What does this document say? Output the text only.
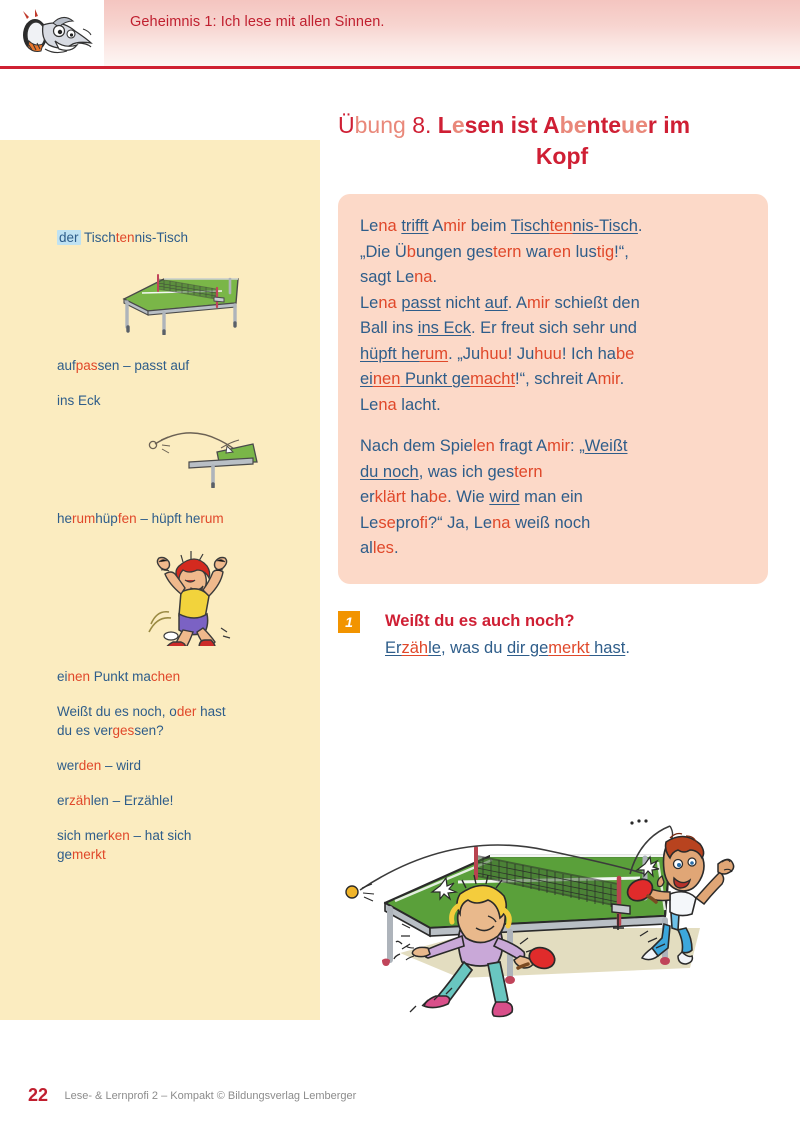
Geheimnis 1: Ich lese mit allen Sinnen.
der Tischtennis-Tisch
aufpassen – passt auf
ins Eck
herumhüpfen – hüpft herum
einen Punkt machen
Weißt du es noch, oder hast
du es vergessen?
werden – wird
erzählen – Erzähle!
sich merken – hat sich
gemerkt
Übung 8. Lesen ist Abenteuer im
Kopf

Lena trifft Amir beim Tischtennis-Tisch.
„Die Übungen gestern waren lustig!“,
sagt Lena.
Lena passt nicht auf. Amir schießt den
Ball ins ins Eck. Er freut sich sehr und
hüpft herum. „Juhuu! Juhuu! Ich habe
einen Punkt gemacht!“, schreit Amir.
Lena lacht.

Nach dem Spielen fragt Amir: „Weißt
du noch, was ich gestern
erklärt habe. Wie wird man ein
Leseprofi?“ Ja, Lena weiß noch
alles.

1	Weißt du es auch noch?
Erzähle, was du dir gemerkt hast.
22 Lese- & Lernprofi 2 – Kompakt © Bildungsverlag Lemberger
